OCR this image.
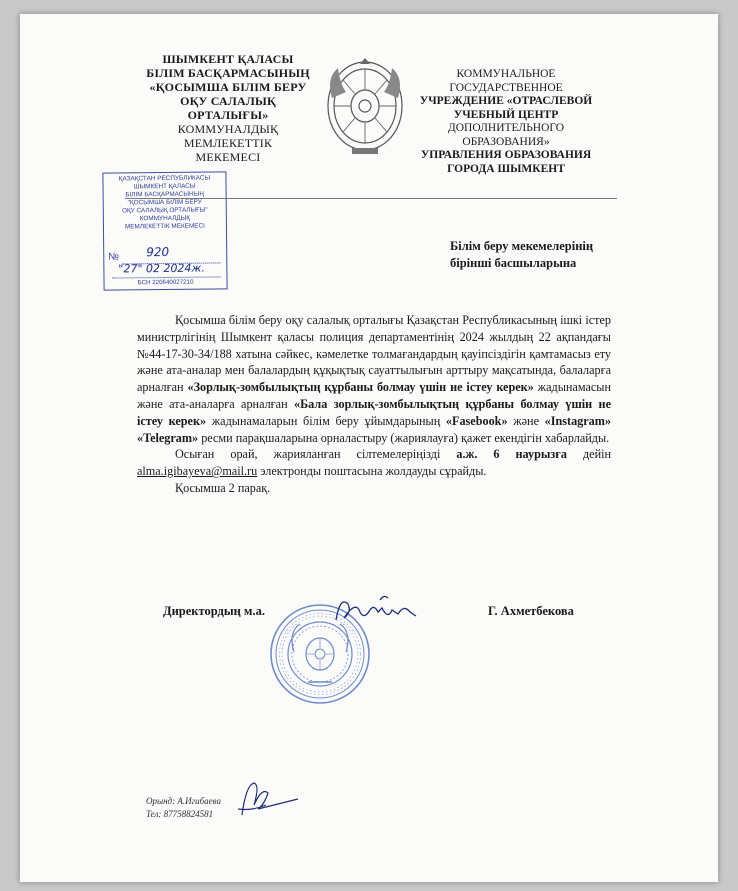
ШЫМКЕНТ ҚАЛАСЫ
БІЛІМ БАСҚАРМАСЫНЫҢ
«ҚОСЫМША БІЛІМ БЕРУ
ОҚУ САЛАЛЫҚ
ОРТАЛЫҒЫ»
КОММУНАЛДЫҚ
МЕМЛЕКЕТТІК
МЕКЕМЕСІ
КОММУНАЛЬНОЕ
ГОСУДАРСТВЕННОЕ
УЧРЕЖДЕНИЕ «ОТРАСЛЕВОЙ
УЧЕБНЫЙ ЦЕНТР
ДОПОЛНИТЕЛЬНОГО
ОБРАЗОВАНИЯ»
УПРАВЛЕНИЯ ОБРАЗОВАНИЯ
ГОРОДА ШЫМКЕНТ
ҚАЗАҚСТАН РЕСПУБЛИКАСЫ
ШЫМКЕНТ ҚАЛАСЫ
БІЛІМ БАСҚАРМАСЫНЫҢ
"ҚОСЫМША БІЛІМ БЕРУ
ОҚУ САЛАЛЫҚ ОРТАЛЫҒЫ"
КОММУНАЛДЫҚ
МЕМЛЕКЕТТІК МЕКЕМЕСІ
№ 920
"27" 02 2024ж.
БСН 220640027210
Білім беру мекемелерінің
бірінші басшыларына

Қосымша білім беру оқу салалық орталығы Қазақстан Республикасының ішкі істер министрлігінің Шымкент қаласы полиция департаментінің 2024 жылдың 22 ақпандағы №44-17-30-34/188 хатына сәйкес, кәмелетке толмағандардың қауіпсіздігін қамтамасыз ету және ата-аналар мен балалардың құқықтық сауаттылығын арттыру мақсатында, балаларға арналған «Зорлық-зомбылықтың құрбаны болмау үшін не істеу керек» жадынамасын және ата-аналарға арналған «Бала зорлық-зомбылықтың құрбаны болмау үшін не істеу керек» жадынамаларын білім беру ұйымдарының «Fasebook» және «Instagram» «Telegram» ресми парақшаларына орналастыру (жариялауға) қажет екендігін хабарлайды.

Осыған орай, жарияланған сілтемелеріңізді а.ж. 6 наурызға дейін alma.igibayeva@mail.ru электронды поштасына жолдауды сұрайды.

Қосымша 2 парақ.

Директордың м.а.	Г. Ахметбекова
Орынд: А.Игибаева
Тел: 87758824581
